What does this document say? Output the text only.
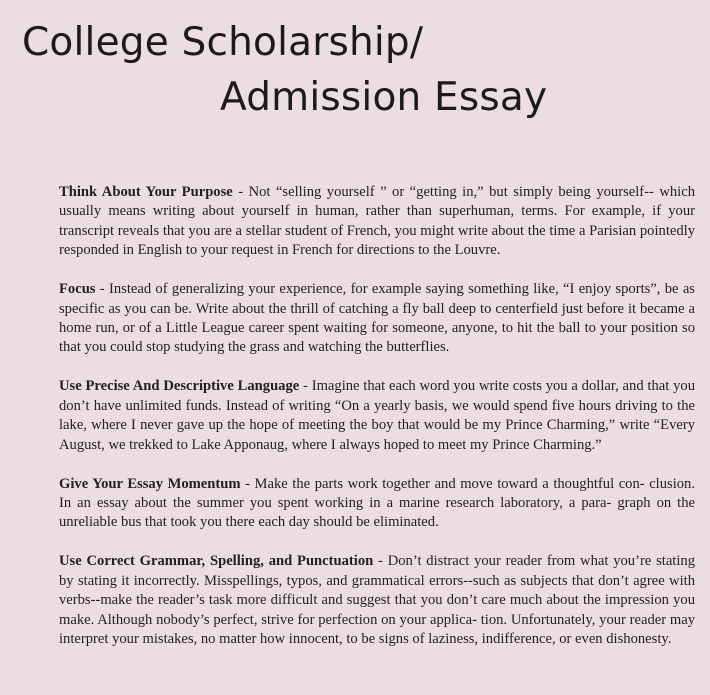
College Scholarship/
Admission Essay

Think About Your Purpose - Not “selling yourself ” or “getting in,” but simply being yourself-- which usually means writing about yourself in human, rather than superhuman, terms. For example, if your transcript reveals that you are a stellar student of French, you might write about the time a Parisian pointedly responded in English to your request in French for directions to the Louvre.

Focus - Instead of generalizing your experience, for example saying something like, “I enjoy sports”, be as specific as you can be. Write about the thrill of catching a fly ball deep to centerfield just before it became a home run, or of a Little League career spent waiting for someone, anyone, to hit the ball to your position so that you could stop studying the grass and watching the butterflies.

Use Precise And Descriptive Language - Imagine that each word you write costs you a dollar, and that you don’t have unlimited funds. Instead of writing “On a yearly basis, we would spend five hours driving to the lake, where I never gave up the hope of meeting the boy that would be my Prince Charming,” write “Every August, we trekked to Lake Apponaug, where I always hoped to meet my Prince Charming.”

Give Your Essay Momentum - Make the parts work together and move toward a thoughtful con- clusion. In an essay about the summer you spent working in a marine research laboratory, a para- graph on the unreliable bus that took you there each day should be eliminated.

Use Correct Grammar, Spelling, and Punctuation - Don’t distract your reader from what you’re stating by stating it incorrectly. Misspellings, typos, and grammatical errors--such as subjects that don’t agree with verbs--make the reader’s task more difficult and suggest that you don’t care much about the impression you make. Although nobody’s perfect, strive for perfection on your applica- tion. Unfortunately, your reader may interpret your mistakes, no matter how innocent, to be signs of laziness, indifference, or even dishonesty.
